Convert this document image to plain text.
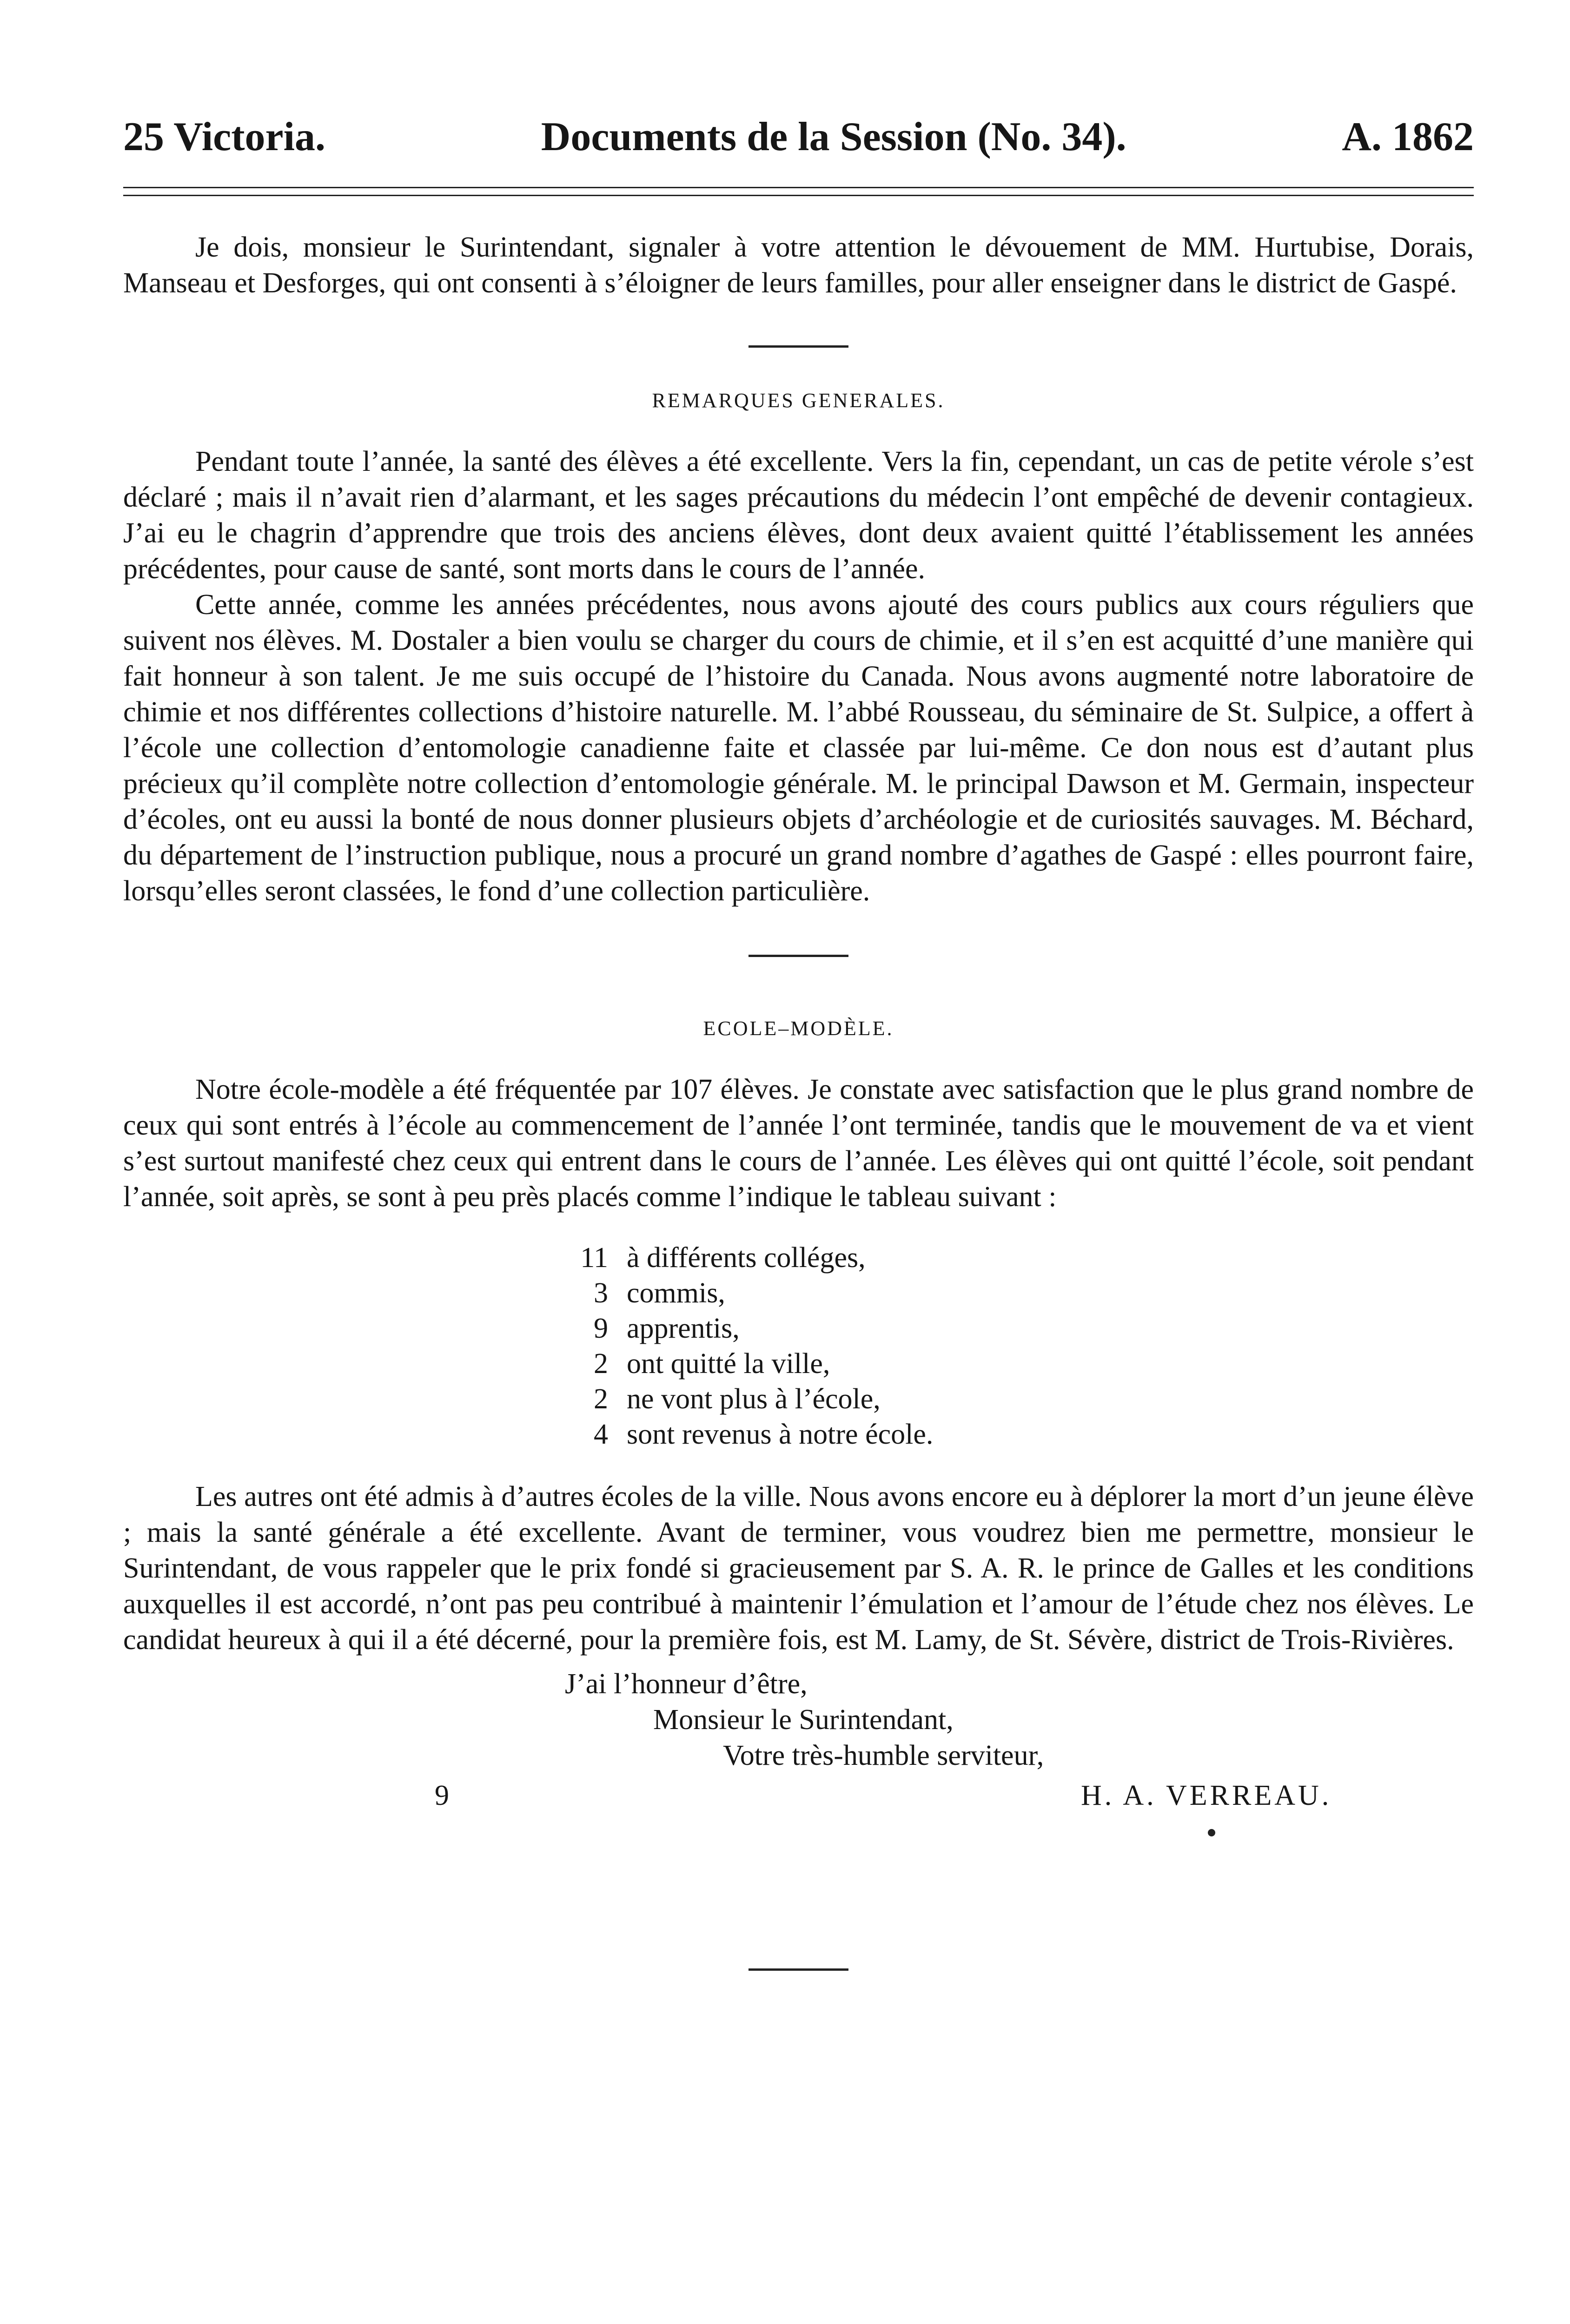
25 Victoria.	Documents de la Session (No. 34).	A. 1862

Je dois, monsieur le Surintendant, signaler à votre attention le dévouement de MM. Hurtubise, Dorais, Manseau et Desforges, qui ont consenti à s’éloigner de leurs familles, pour aller enseigner dans le district de Gaspé.

REMARQUES GENERALES.

Pendant toute l’année, la santé des élèves a été excellente. Vers la fin, cependant, un cas de petite vérole s’est déclaré ; mais il n’avait rien d’alarmant, et les sages précautions du médecin l’ont empêché de devenir contagieux. J’ai eu le chagrin d’apprendre que trois des anciens élèves, dont deux avaient quitté l’établissement les années précédentes, pour cause de santé, sont morts dans le cours de l’année.

Cette année, comme les années précédentes, nous avons ajouté des cours publics aux cours réguliers que suivent nos élèves. M. Dostaler a bien voulu se charger du cours de chimie, et il s’en est acquitté d’une manière qui fait honneur à son talent. Je me suis occupé de l’histoire du Canada. Nous avons augmenté notre laboratoire de chimie et nos différentes collections d’histoire naturelle. M. l’abbé Rousseau, du séminaire de St. Sulpice, a offert à l’école une collection d’entomologie canadienne faite et classée par lui-même. Ce don nous est d’autant plus précieux qu’il complète notre collection d’entomologie générale. M. le principal Dawson et M. Germain, inspecteur d’écoles, ont eu aussi la bonté de nous donner plusieurs objets d’archéologie et de curiosités sauvages. M. Béchard, du département de l’instruction publique, nous a procuré un grand nombre d’agathes de Gaspé : elles pourront faire, lorsqu’elles seront classées, le fond d’une collection particulière.

ECOLE–MODÈLE.

Notre école-modèle a été fréquentée par 107 élèves. Je constate avec satisfaction que le plus grand nombre de ceux qui sont entrés à l’école au commencement de l’année l’ont terminée, tandis que le mouvement de va et vient s’est surtout manifesté chez ceux qui entrent dans le cours de l’année. Les élèves qui ont quitté l’école, soit pendant l’année, soit après, se sont à peu près placés comme l’indique le tableau suivant :

11 à différents colléges,
3 commis,
9 apprentis,
2 ont quitté la ville,
2 ne vont plus à l’école,
4 sont revenus à notre école.

Les autres ont été admis à d’autres écoles de la ville. Nous avons encore eu à déplorer la mort d’un jeune élève ; mais la santé générale a été excellente. Avant de terminer, vous voudrez bien me permettre, monsieur le Surintendant, de vous rappeler que le prix fondé si gracieusement par S. A. R. le prince de Galles et les conditions auxquelles il est accordé, n’ont pas peu contribué à maintenir l’émulation et l’amour de l’étude chez nos élèves. Le candidat heureux à qui il a été décerné, pour la première fois, est M. Lamy, de St. Sévère, district de Trois-Rivières.

J’ai l’honneur d’être,
Monsieur le Surintendant,
Votre très-humble serviteur,
9	H. A. VERREAU.
